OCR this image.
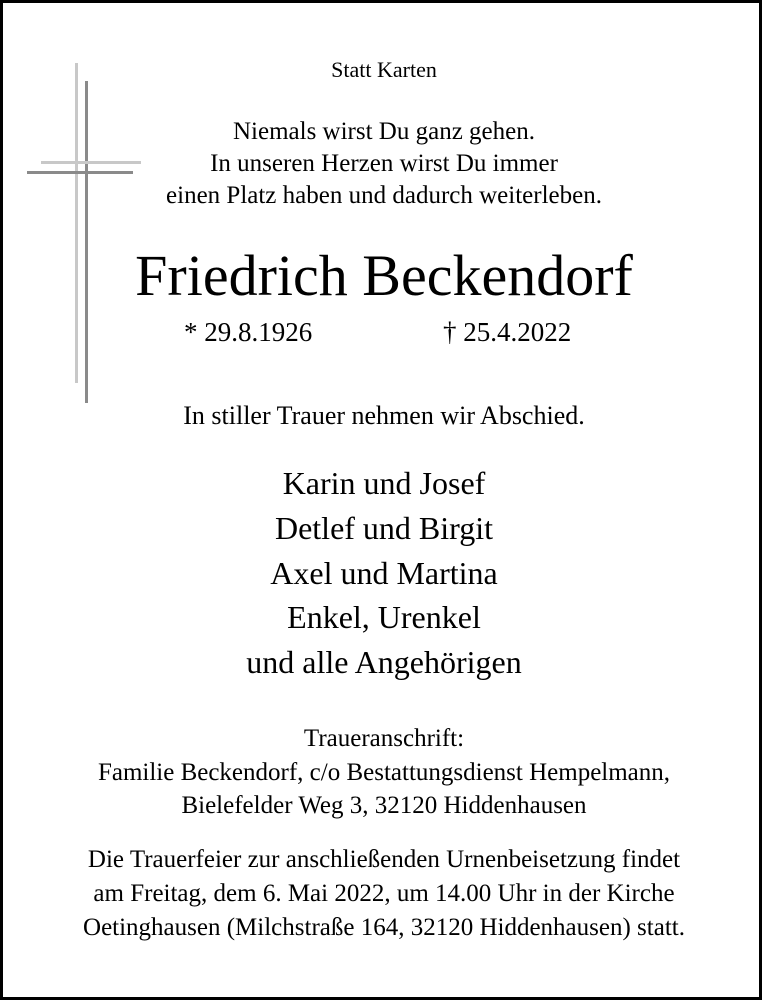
Statt Karten
Niemals wirst Du ganz gehen.
In unseren Herzen wirst Du immer
einen Platz haben und dadurch weiterleben.
Friedrich Beckendorf
* 29.8.1926	† 25.4.2022
In stiller Trauer nehmen wir Abschied.
Karin und Josef
Detlef und Birgit
Axel und Martina
Enkel, Urenkel
und alle Angehörigen
Traueranschrift:
Familie Beckendorf, c/o Bestattungsdienst Hempelmann,
Bielefelder Weg 3, 32120 Hiddenhausen
Die Trauerfeier zur anschließenden Urnenbeisetzung findet
am Freitag, dem 6. Mai 2022, um 14.00 Uhr in der Kirche
Oetinghausen (Milchstraße 164, 32120 Hiddenhausen) statt.
